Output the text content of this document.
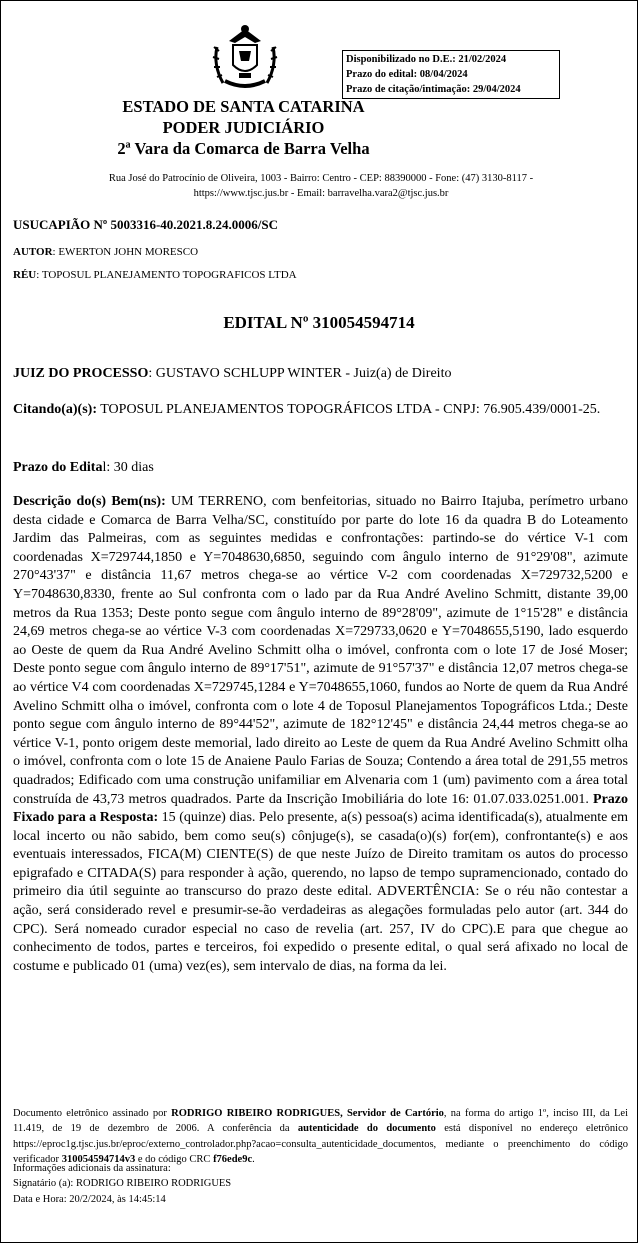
Disponibilizado no D.E.: 21/02/2024
Prazo do edital: 08/04/2024
Prazo de citação/intimação: 29/04/2024
ESTADO DE SANTA CATARINA
PODER JUDICIÁRIO
2ª Vara da Comarca de Barra Velha
Rua José do Patrocínio de Oliveira, 1003 - Bairro: Centro - CEP: 88390000 - Fone: (47) 3130-8117 -
https://www.tjsc.jus.br - Email: barravelha.vara2@tjsc.jus.br
USUCAPIÃO Nº 5003316-40.2021.8.24.0006/SC
AUTOR: EWERTON JOHN MORESCO
RÉU: TOPOSUL PLANEJAMENTO TOPOGRAFICOS LTDA
EDITAL Nº 310054594714
JUIZ DO PROCESSO: GUSTAVO SCHLUPP WINTER - Juiz(a) de Direito
Citando(a)(s): TOPOSUL PLANEJAMENTOS TOPOGRÁFICOS LTDA - CNPJ: 76.905.439/0001-25.
Prazo do Edital: 30 dias
Descrição do(s) Bem(ns): UM TERRENO, com benfeitorias, situado no Bairro Itajuba, perímetro urbano desta cidade e Comarca de Barra Velha/SC, constituído por parte do lote 16 da quadra B do Loteamento Jardim das Palmeiras, com as seguintes medidas e confrontações: partindo-se do vértice V-1 com coordenadas X=729744,1850 e Y=7048630,6850, seguindo com ângulo interno de 91°29'08", azimute 270°43'37" e distância 11,67 metros chega-se ao vértice V-2 com coordenadas X=729732,5200 e Y=7048630,8330, frente ao Sul confronta com o lado par da Rua André Avelino Schmitt, distante 39,00 metros da Rua 1353; Deste ponto segue com ângulo interno de 89°28'09", azimute de 1°15'28" e distância 24,69 metros chega-se ao vértice V-3 com coordenadas X=729733,0620 e Y=7048655,5190, lado esquerdo ao Oeste de quem da Rua André Avelino Schmitt olha o imóvel, confronta com o lote 17 de José Moser; Deste ponto segue com ângulo interno de 89°17'51", azimute de 91°57'37" e distância 12,07 metros chega-se ao vértice V4 com coordenadas X=729745,1284 e Y=7048655,1060, fundos ao Norte de quem da Rua André Avelino Schmitt olha o imóvel, confronta com o lote 4 de Toposul Planejamentos Topográficos Ltda.; Deste ponto segue com ângulo interno de 89°44'52", azimute de 182°12'45" e distância 24,44 metros chega-se ao vértice V-1, ponto origem deste memorial, lado direito ao Leste de quem da Rua André Avelino Schmitt olha o imóvel, confronta com o lote 15 de Anaiene Paulo Farias de Souza; Contendo a área total de 291,55 metros quadrados; Edificado com uma construção unifamiliar em Alvenaria com 1 (um) pavimento com a área total construída de 43,73 metros quadrados. Parte da Inscrição Imobiliária do lote 16: 01.07.033.0251.001. Prazo Fixado para a Resposta: 15 (quinze) dias. Pelo presente, a(s) pessoa(s) acima identificada(s), atualmente em local incerto ou não sabido, bem como seu(s) cônjuge(s), se casada(o)(s) for(em), confrontante(s) e aos eventuais interessados, FICA(M) CIENTE(S) de que neste Juízo de Direito tramitam os autos do processo epigrafado e CITADA(S) para responder à ação, querendo, no lapso de tempo supramencionado, contado do primeiro dia útil seguinte ao transcurso do prazo deste edital. ADVERTÊNCIA: Se o réu não contestar a ação, será considerado revel e presumir-se-ão verdadeiras as alegações formuladas pelo autor (art. 344 do CPC). Será nomeado curador especial no caso de revelia (art. 257, IV do CPC).E para que chegue ao conhecimento de todos, partes e terceiros, foi expedido o presente edital, o qual será afixado no local de costume e publicado 01 (uma) vez(es), sem intervalo de dias, na forma da lei.
Documento eletrônico assinado por RODRIGO RIBEIRO RODRIGUES, Servidor de Cartório, na forma do artigo 1º, inciso III, da Lei 11.419, de 19 de dezembro de 2006. A conferência da autenticidade do documento está disponível no endereço eletrônico https://eproc1g.tjsc.jus.br/eproc/externo_controlador.php?acao=consulta_autenticidade_documentos, mediante o preenchimento do código verificador 310054594714v3 e do código CRC f76ede9c.
Informações adicionais da assinatura:
Signatário (a): RODRIGO RIBEIRO RODRIGUES
Data e Hora: 20/2/2024, às 14:45:14
